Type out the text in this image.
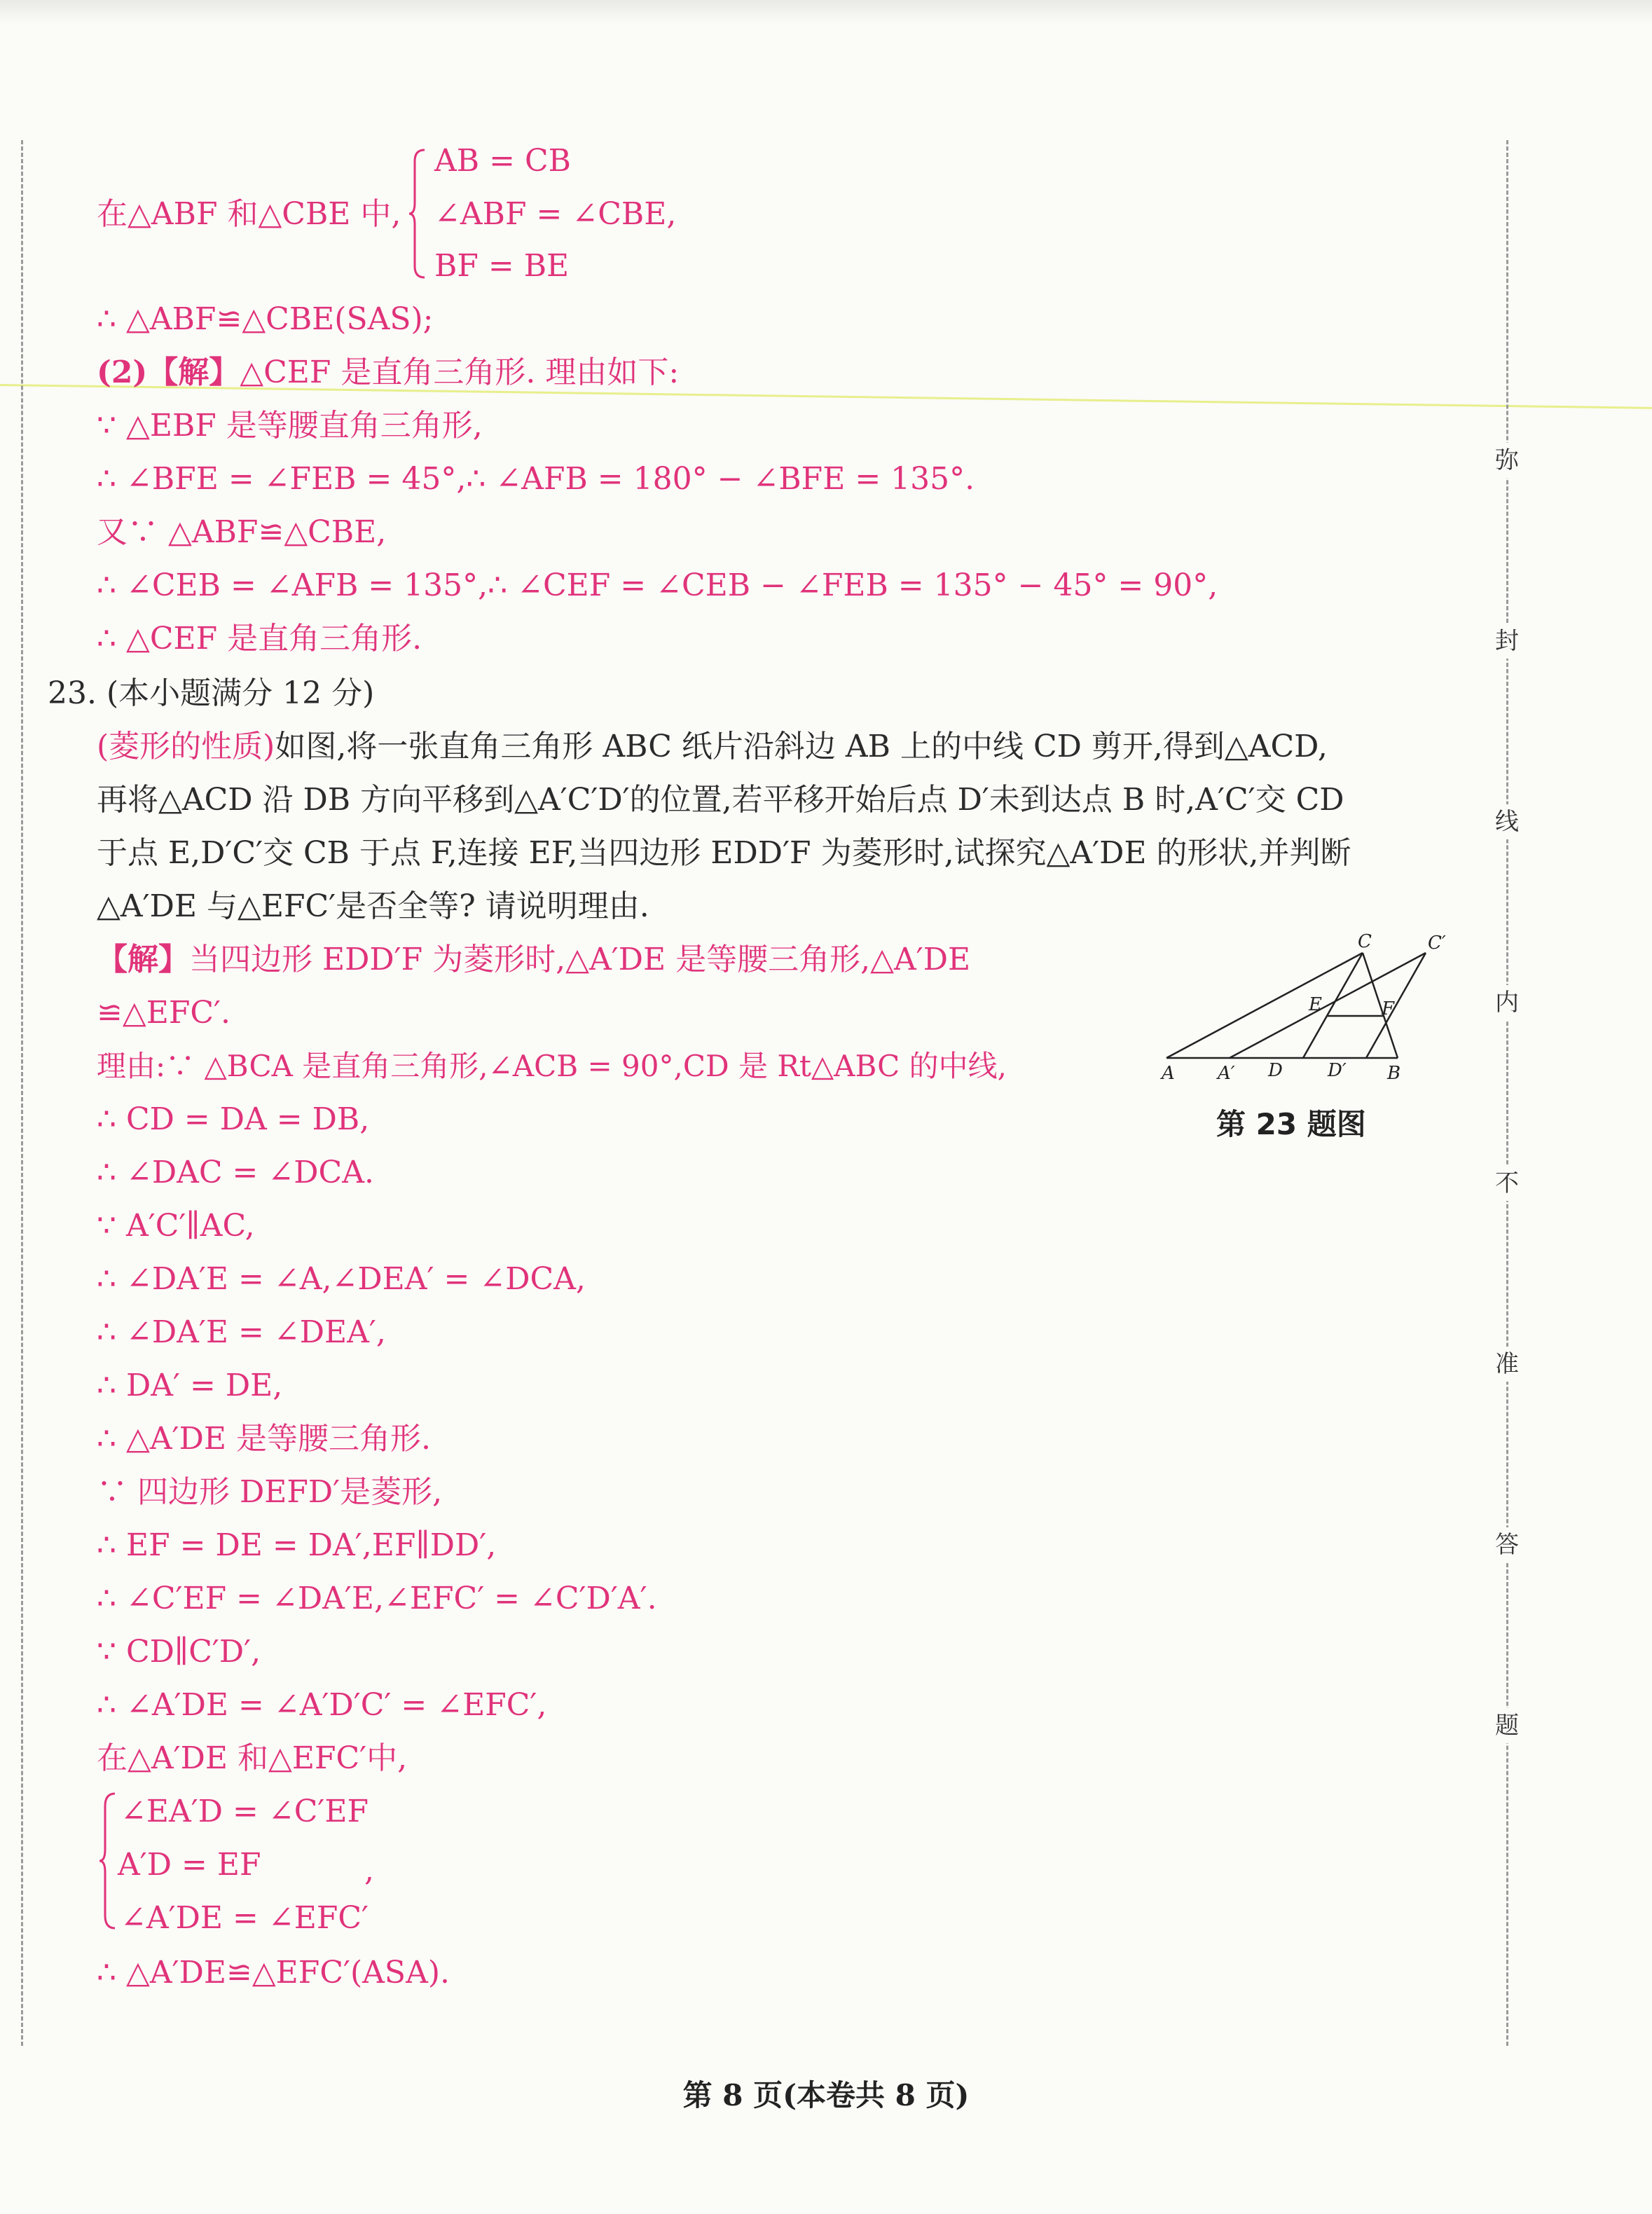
弥
封
线
内
不
准
答
题
在△ABF 和△CBE 中,
AB = CB
∠ABF = ∠CBE,
BF = BE
∴ △ABF≌△CBE(SAS);
(2)【解】△CEF 是直角三角形. 理由如下:
∵ △EBF 是等腰直角三角形,
∴ ∠BFE = ∠FEB = 45°,∴ ∠AFB = 180° − ∠BFE = 135°.
又∵ △ABF≌△CBE,
∴ ∠CEB = ∠AFB = 135°,∴ ∠CEF = ∠CEB − ∠FEB = 135° − 45° = 90°,
∴ △CEF 是直角三角形.
23. (本小题满分 12 分)
(菱形的性质)如图,将一张直角三角形 ABC 纸片沿斜边 AB 上的中线 CD 剪开,得到△ACD,
再将△ACD 沿 DB 方向平移到△A′C′D′的位置,若平移开始后点 D′未到达点 B 时,A′C′交 CD
于点 E,D′C′交 CB 于点 F,连接 EF,当四边形 EDD′F 为菱形时,试探究△A′DE 的形状,并判断
△A′DE 与△EFC′是否全等? 请说明理由.
【解】当四边形 EDD′F 为菱形时,△A′DE 是等腰三角形,△A′DE
≌△EFC′.
理由:∵ △BCA 是直角三角形,∠ACB = 90°,CD 是 Rt△ABC 的中线,
∴ CD = DA = DB,
∴ ∠DAC = ∠DCA.
∵ A′C′∥AC,
∴ ∠DA′E = ∠A,∠DEA′ = ∠DCA,
∴ ∠DA′E = ∠DEA′,
∴ DA′ = DE,
∴ △A′DE 是等腰三角形.
∵ 四边形 DEFD′是菱形,
∴ EF = DE = DA′,EF∥DD′,
∴ ∠C′EF = ∠DA′E,∠EFC′ = ∠C′D′A′.
∵ CD∥C′D′,
∴ ∠A′DE = ∠A′D′C′ = ∠EFC′,
在△A′DE 和△EFC′中,
∠EA′D = ∠C′EF
A′D = EF	,
∠A′DE = ∠EFC′
∴ △A′DE≌△EFC′(ASA).
C	C′
E	F
A A′ D D′ B
第 23 题图
第 8 页(本卷共 8 页)
